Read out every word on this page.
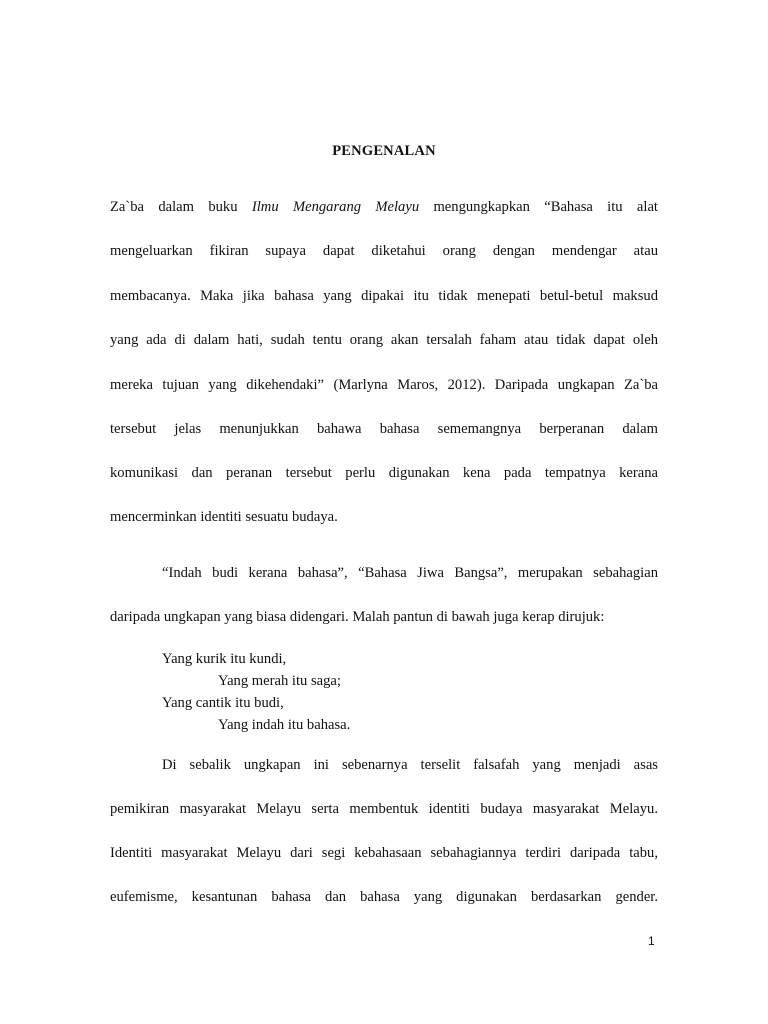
PENGENALAN
Za`ba dalam buku Ilmu Mengarang Melayu mengungkapkan “Bahasa itu alat
mengeluarkan fikiran supaya dapat diketahui orang dengan mendengar atau
membacanya. Maka jika bahasa yang dipakai itu tidak menepati betul-betul maksud
yang ada di dalam hati, sudah tentu orang akan tersalah faham atau tidak dapat oleh
mereka tujuan yang dikehendaki” (Marlyna Maros, 2012). Daripada ungkapan Za`ba
tersebut jelas menunjukkan bahawa bahasa sememangnya berperanan dalam
komunikasi dan peranan tersebut perlu digunakan kena pada tempatnya kerana
mencerminkan identiti sesuatu budaya.
“Indah budi kerana bahasa”, “Bahasa Jiwa Bangsa”, merupakan sebahagian
daripada ungkapan yang biasa didengari. Malah pantun di bawah juga kerap dirujuk:
Yang kurik itu kundi,
Yang merah itu saga;
Yang cantik itu budi,
Yang indah itu bahasa.
Di sebalik ungkapan ini sebenarnya terselit falsafah yang menjadi asas
pemikiran masyarakat Melayu serta membentuk identiti budaya masyarakat Melayu.
Identiti masyarakat Melayu dari segi kebahasaan sebahagiannya terdiri daripada tabu,
eufemisme, kesantunan bahasa dan bahasa yang digunakan berdasarkan gender.
1
